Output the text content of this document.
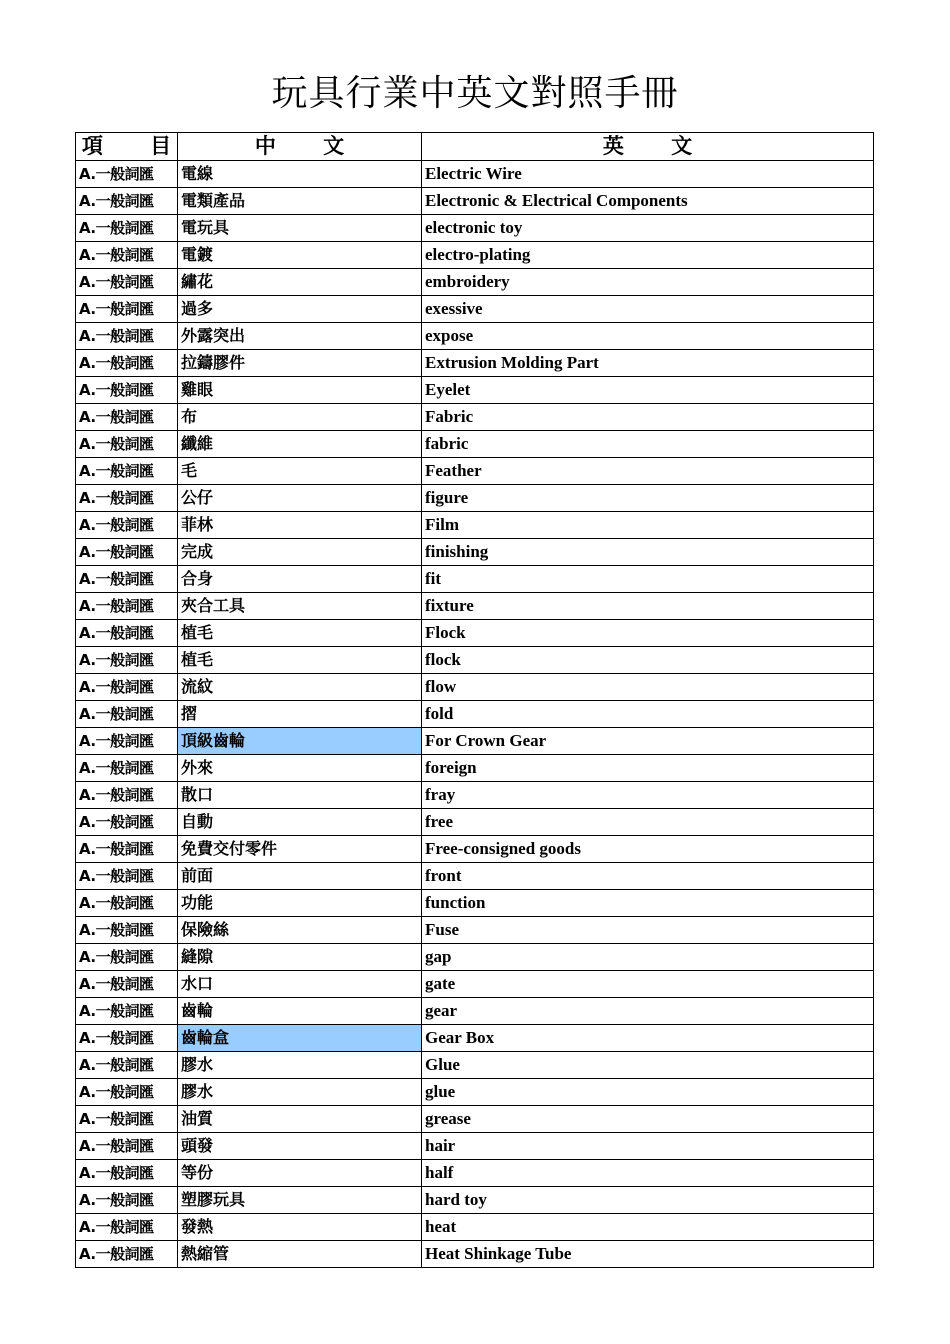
玩具行業中英文對照手冊
項 目	中 文	英 文
A.一般詞匯	電線	Electric Wire
A.一般詞匯	電類產品	Electronic & Electrical Components
A.一般詞匯	電玩具	electronic toy
A.一般詞匯	電鍍	electro-plating
A.一般詞匯	繡花	embroidery
A.一般詞匯	過多	exessive
A.一般詞匯	外露突出	expose
A.一般詞匯	拉鑄膠件	Extrusion Molding Part
A.一般詞匯	雞眼	Eyelet
A.一般詞匯	布	Fabric
A.一般詞匯	纖維	fabric
A.一般詞匯	毛	Feather
A.一般詞匯	公仔	figure
A.一般詞匯	菲林	Film
A.一般詞匯	完成	finishing
A.一般詞匯	合身	fit
A.一般詞匯	夾合工具	fixture
A.一般詞匯	植毛	Flock
A.一般詞匯	植毛	flock
A.一般詞匯	流紋	flow
A.一般詞匯	摺	fold
A.一般詞匯	頂級齒輪	For Crown Gear
A.一般詞匯	外來	foreign
A.一般詞匯	散口	fray
A.一般詞匯	自動	free
A.一般詞匯	免費交付零件	Free-consigned goods
A.一般詞匯	前面	front
A.一般詞匯	功能	function
A.一般詞匯	保險絲	Fuse
A.一般詞匯	縫隙	gap
A.一般詞匯	水口	gate
A.一般詞匯	齒輪	gear
A.一般詞匯	齒輪盒	Gear Box
A.一般詞匯	膠水	Glue
A.一般詞匯	膠水	glue
A.一般詞匯	油質	grease
A.一般詞匯	頭發	hair
A.一般詞匯	等份	half
A.一般詞匯	塑膠玩具	hard toy
A.一般詞匯	發熱	heat
A.一般詞匯	熱縮管	Heat Shinkage Tube
